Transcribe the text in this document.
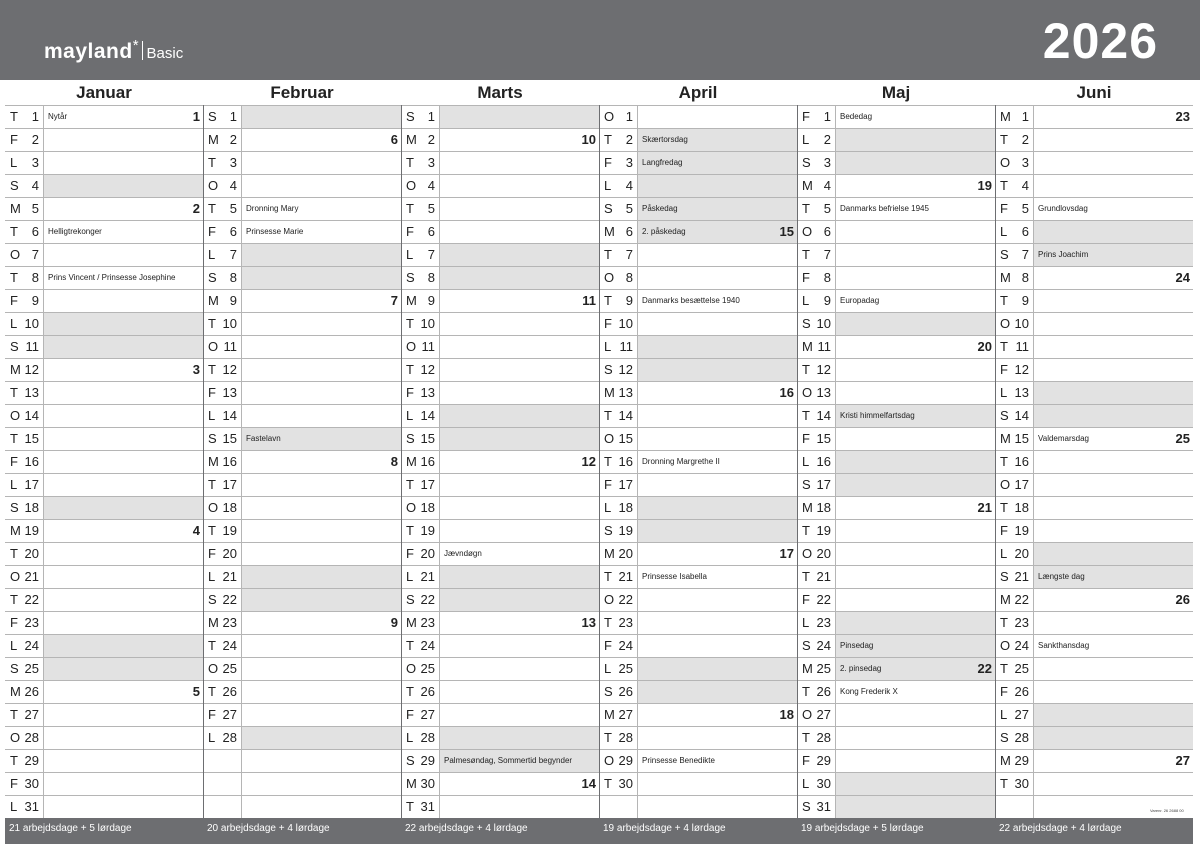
mayland* Basic	2026
Januar
T 1 Nytår	1
F 2
L 3
S 4
M 5	2
T 6 Helligtrekonger
O 7
T 8 Prins Vincent / Prinsesse Josephine
F 9
L 10
S 11
M 12	3
T 13
O 14
T 15
F 16
L 17
S 18
M 19	4
T 20
O 21
T 22
F 23
L 24
S 25
M 26	5
T 27
O 28
T 29
F 30
L 31
21 arbejdsdage + 5 lørdage
Februar
S 1
M 2	6
T 3
O 4
T 5 Dronning Mary
F 6 Prinsesse Marie
L 7
S 8
M 9	7
T 10
O 11
T 12
F 13
L 14
S 15 Fastelavn
M 16	8
T 17
O 18
T 19
F 20
L 21
S 22
M 23	9
T 24
O 25
T 26
F 27
L 28
20 arbejdsdage + 4 lørdage
Marts
S 1
M 2	10
T 3
O 4
T 5
F 6
L 7
S 8
M 9	11
T 10
O 11
T 12
F 13
L 14
S 15
M 16	12
T 17
O 18
T 19
F 20 Jævndøgn
L 21
S 22
M 23	13
T 24
O 25
T 26
F 27
L 28
S 29 Palmesøndag, Sommertid begynder
M 30	14
T 31
22 arbejdsdage + 4 lørdage
April
O 1
T 2 Skærtorsdag
F 3 Langfredag
L 4
S 5 Påskedag
M 6 2. påskedag	15
T 7
O 8
T 9 Danmarks besættelse 1940
F 10
L 11
S 12
M 13	16
T 14
O 15
T 16 Dronning Margrethe II
F 17
L 18
S 19
M 20	17
T 21 Prinsesse Isabella
O 22
T 23
F 24
L 25
S 26
M 27	18
T 28
O 29 Prinsesse Benedikte
T 30
19 arbejdsdage + 4 lørdage
Maj
F 1 Bededag
L 2
S 3
M 4	19
T 5 Danmarks befrielse 1945
O 6
T 7
F 8
L 9 Europadag
S 10
M 11	20
T 12
O 13
T 14 Kristi himmelfartsdag
F 15
L 16
S 17
M 18	21
T 19
O 20
T 21
F 22
L 23
S 24 Pinsedag
M 25 2. pinsedag	22
T 26 Kong Frederik X
O 27
T 28
F 29
L 30
S 31
19 arbejdsdage + 5 lørdage
Juni
M 1	23
T 2
O 3
T 4
F 5 Grundlovsdag
L 6
S 7 Prins Joachim
M 8	24
T 9
O 10
T 11
F 12
L 13
S 14
M 15 Valdemarsdag	25
T 16
O 17
T 18
F 19
L 20
S 21 Længste dag
M 22	26
T 23
O 24 Sankthansdag
T 25
F 26
L 27
S 28
M 29	27
T 30
22 arbejdsdage + 4 lørdage
Varenr. 26 2688 00
